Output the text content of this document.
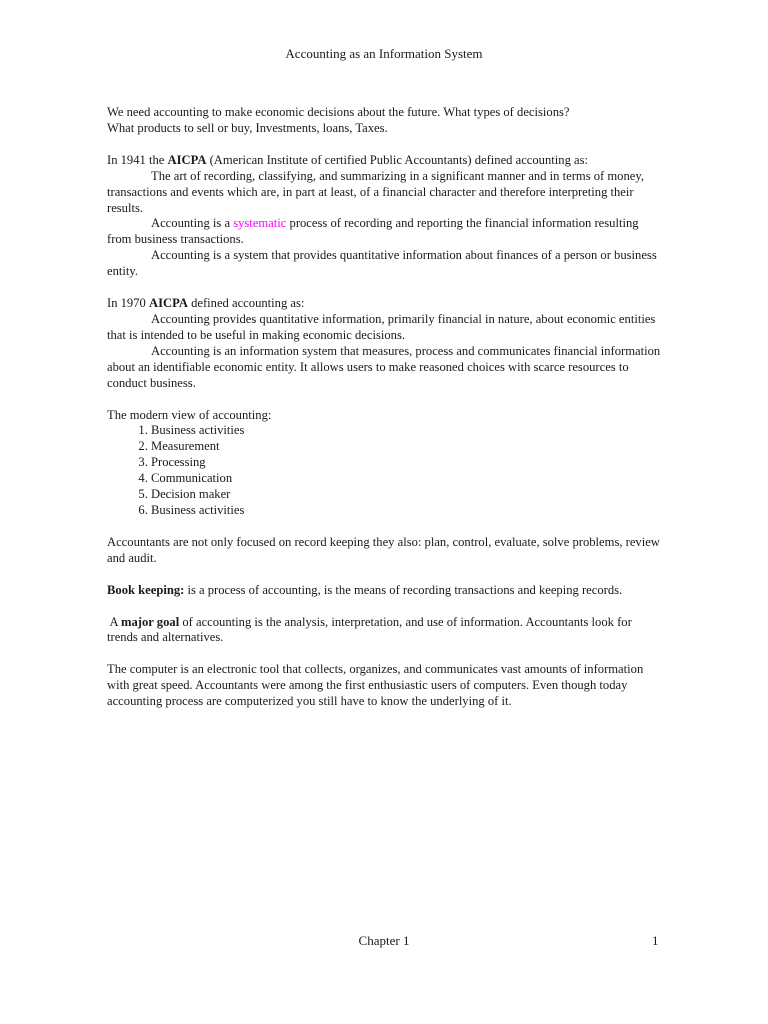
Accounting as an Information System

We need accounting to make economic decisions about the future. What types of decisions?
What products to sell or buy, Investments, loans, Taxes.

In 1941 the AICPA (American Institute of certified Public Accountants) defined accounting as:

The art of recording, classifying, and summarizing in a significant manner and in terms of money, transactions and events which are, in part at least, of a financial character and therefore interpreting their results.

Accounting is a systematic process of recording and reporting the financial information resulting from business transactions.

Accounting is a system that provides quantitative information about finances of a person or business entity.

In 1970 AICPA defined accounting as:

Accounting provides quantitative information, primarily financial in nature, about economic entities that is intended to be useful in making economic decisions.

Accounting is an information system that measures, process and communicates financial information about an identifiable economic entity. It allows users to make reasoned choices with scarce resources to conduct business.

The modern view of accounting:

1. Business activities
2. Measurement
3. Processing
4. Communication
5. Decision maker
6. Business activities

Accountants are not only focused on record keeping they also: plan, control, evaluate, solve problems, review and audit.

Book keeping: is a process of accounting, is the means of recording transactions and keeping records.

A major goal of accounting is the analysis, interpretation, and use of information. Accountants look for trends and alternatives.

The computer is an electronic tool that collects, organizes, and communicates vast amounts of information with great speed. Accountants were among the first enthusiastic users of computers. Even though today accounting process are computerized you still have to know the underlying of it.

Chapter 1	1
